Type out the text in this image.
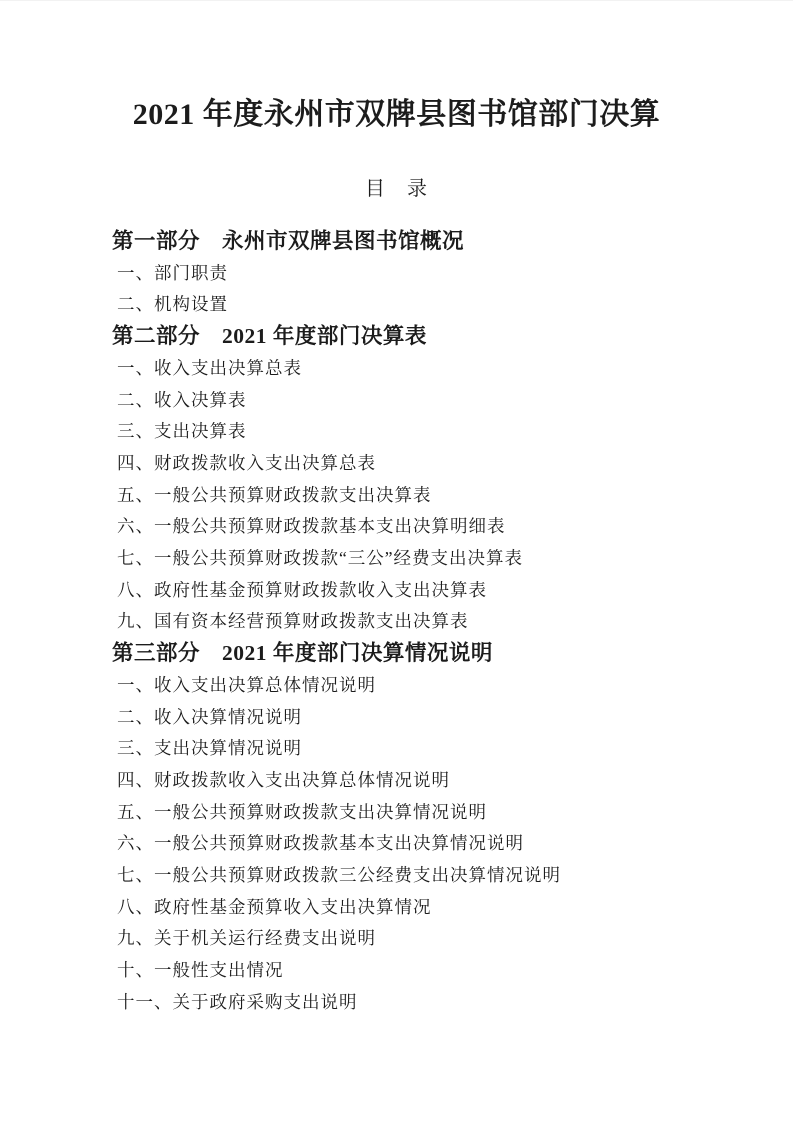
2021 年度永州市双牌县图书馆部门决算
目　录
第一部分　永州市双牌县图书馆概况
一、部门职责
二、机构设置
第二部分　2021 年度部门决算表
一、收入支出决算总表
二、收入决算表
三、支出决算表
四、财政拨款收入支出决算总表
五、一般公共预算财政拨款支出决算表
六、一般公共预算财政拨款基本支出决算明细表
七、一般公共预算财政拨款“三公”经费支出决算表
八、政府性基金预算财政拨款收入支出决算表
九、国有资本经营预算财政拨款支出决算表
第三部分　2021 年度部门决算情况说明
一、收入支出决算总体情况说明
二、收入决算情况说明
三、支出决算情况说明
四、财政拨款收入支出决算总体情况说明
五、一般公共预算财政拨款支出决算情况说明
六、一般公共预算财政拨款基本支出决算情况说明
七、一般公共预算财政拨款三公经费支出决算情况说明
八、政府性基金预算收入支出决算情况
九、关于机关运行经费支出说明
十、一般性支出情况
十一、关于政府采购支出说明
